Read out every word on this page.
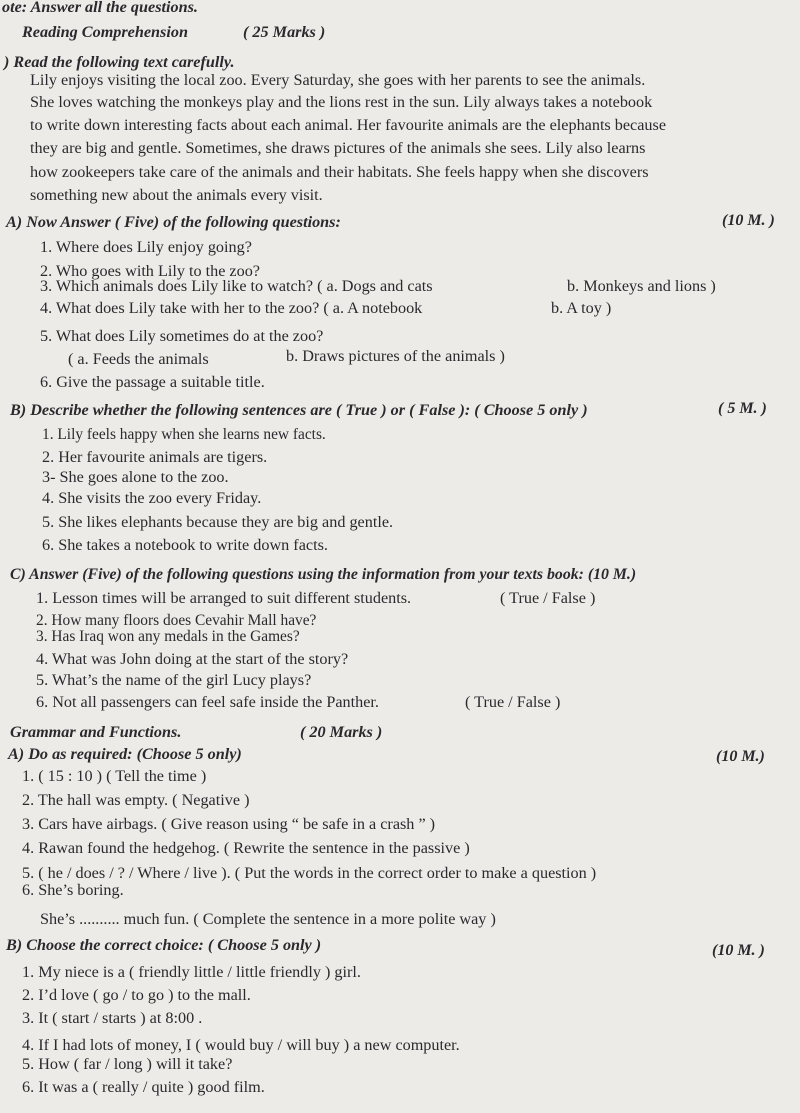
ote: Answer all the questions.
Reading Comprehension	( 25 Marks )
) Read the following text carefully.
Lily enjoys visiting the local zoo. Every Saturday, she goes with her parents to see the animals.
She loves watching the monkeys play and the lions rest in the sun. Lily always takes a notebook
to write down interesting facts about each animal. Her favourite animals are the elephants because
they are big and gentle. Sometimes, she draws pictures of the animals she sees. Lily also learns
how zookeepers take care of the animals and their habitats. She feels happy when she discovers
something new about the animals every visit.
A) Now Answer ( Five) of the following questions:	(10 M. )
1. Where does Lily enjoy going?
2. Who goes with Lily to the zoo?
3. Which animals does Lily like to watch? ( a. Dogs and cats	b. Monkeys and lions )
4. What does Lily take with her to the zoo? ( a. A notebook	b. A toy )
5. What does Lily sometimes do at the zoo?
( a. Feeds the animals	b. Draws pictures of the animals )
6. Give the passage a suitable title.
B) Describe whether the following sentences are ( True ) or ( False ): ( Choose 5 only )	( 5 M. )
1. Lily feels happy when she learns new facts.
2. Her favourite animals are tigers.
3- She goes alone to the zoo.
4. She visits the zoo every Friday.
5. She likes elephants because they are big and gentle.
6. She takes a notebook to write down facts.
C) Answer (Five) of the following questions using the information from your texts book: (10 M.)
1. Lesson times will be arranged to suit different students.	( True / False )
2. How many floors does Cevahir Mall have?
3. Has Iraq won any medals in the Games?
4. What was John doing at the start of the story?
5. What’s the name of the girl Lucy plays?
6. Not all passengers can feel safe inside the Panther.	( True / False )
Grammar and Functions.	( 20 Marks )
A) Do as required: (Choose 5 only)	(10 M.)
1. ( 15 : 10 ) ( Tell the time )
2. The hall was empty. ( Negative )
3. Cars have airbags. ( Give reason using “ be safe in a crash ” )
4. Rawan found the hedgehog. ( Rewrite the sentence in the passive )
5. ( he / does / ? / Where / live ). ( Put the words in the correct order to make a question )
6. She’s boring.
She’s .......... much fun. ( Complete the sentence in a more polite way )
B) Choose the correct choice: ( Choose 5 only )	(10 M. )
1. My niece is a ( friendly little / little friendly ) girl.
2. I’d love ( go / to go ) to the mall.
3. It ( start / starts ) at 8:00 .
4. If I had lots of money, I ( would buy / will buy ) a new computer.
5. How ( far / long ) will it take?
6. It was a ( really / quite ) good film.
